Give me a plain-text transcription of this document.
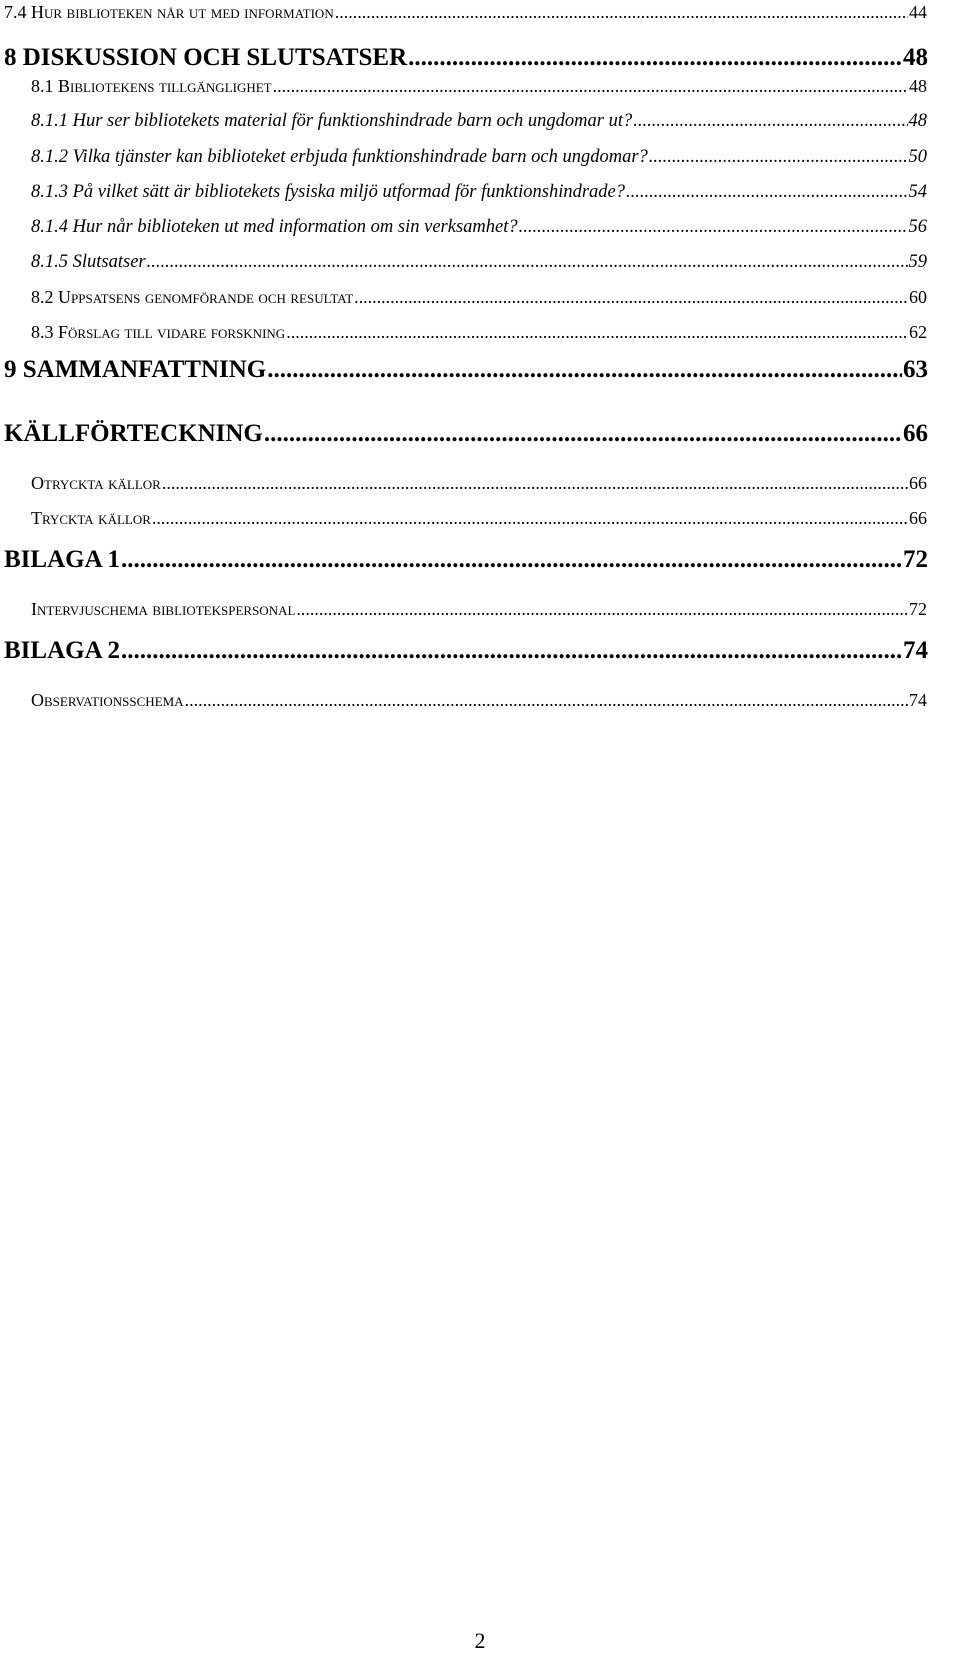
7.4 Hur biblioteken når ut med information .....	44
8 DISKUSSION OCH SLUTSATSER .....	48
8.1 Bibliotekens tillgänglighet .....	48
8.1.1 Hur ser bibliotekets material för funktionshindrade barn och ungdomar ut? .....	48
8.1.2 Vilka tjänster kan biblioteket erbjuda funktionshindrade barn och ungdomar? .....	50
8.1.3 På vilket sätt är bibliotekets fysiska miljö utformad för funktionshindrade? .....	54
8.1.4 Hur når biblioteken ut med information om sin verksamhet? .....	56
8.1.5 Slutsatser .....	59
8.2 Uppsatsens genomförande och resultat .....	60
8.3 Förslag till vidare forskning .....	62
9 SAMMANFATTNING .....	63
KÄLLFÖRTECKNING .....	66
Otryckta källor .....	66
Tryckta källor .....	66
BILAGA 1 .....	72
Intervjuschema bibliotekspersonal .....	72
BILAGA 2 .....	74
Observationsschema .....	74
2
